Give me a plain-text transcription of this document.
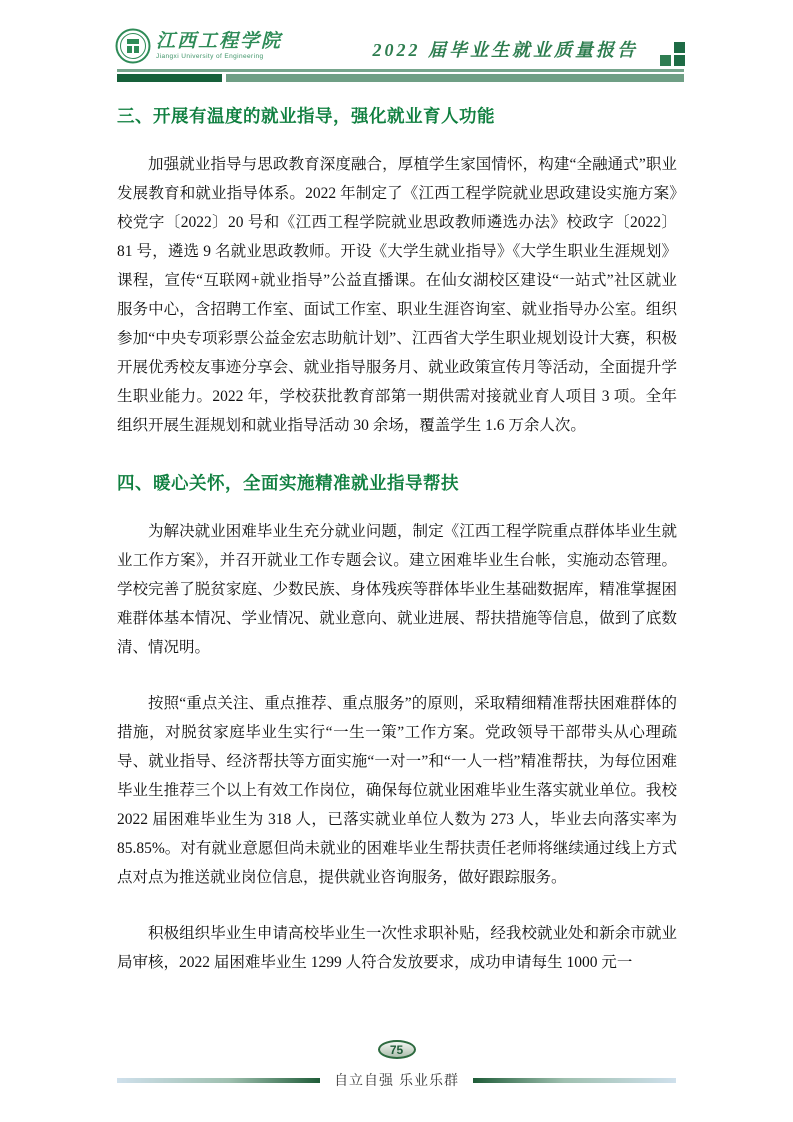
江西工程学院
Jiangxi University of Engineering	2022 届毕业生就业质量报告
三、开展有温度的就业指导，强化就业育人功能

加强就业指导与思政教育深度融合，厚植学生家国情怀，构建“全融通式”职业发展教育和就业指导体系。2022 年制定了《江西工程学院就业思政建设实施方案》校党字〔2022〕20 号和《江西工程学院就业思政教师遴选办法》校政字〔2022〕81 号，遴选 9 名就业思政教师。开设《大学生就业指导》《大学生职业生涯规划》课程，宣传“互联网+就业指导”公益直播课。在仙女湖校区建设“一站式”社区就业服务中心，含招聘工作室、面试工作室、职业生涯咨询室、就业指导办公室。组织参加“中央专项彩票公益金宏志助航计划”、江西省大学生职业规划设计大赛，积极开展优秀校友事迹分享会、就业指导服务月、就业政策宣传月等活动，全面提升学生职业能力。2022 年，学校获批教育部第一期供需对接就业育人项目 3 项。全年组织开展生涯规划和就业指导活动 30 余场，覆盖学生 1.6 万余人次。

四、暖心关怀，全面实施精准就业指导帮扶

为解决就业困难毕业生充分就业问题，制定《江西工程学院重点群体毕业生就业工作方案》，并召开就业工作专题会议。建立困难毕业生台帐，实施动态管理。学校完善了脱贫家庭、少数民族、身体残疾等群体毕业生基础数据库，精准掌握困难群体基本情况、学业情况、就业意向、就业进展、帮扶措施等信息，做到了底数清、情况明。

按照“重点关注、重点推荐、重点服务”的原则，采取精细精准帮扶困难群体的措施，对脱贫家庭毕业生实行“一生一策”工作方案。党政领导干部带头从心理疏导、就业指导、经济帮扶等方面实施“一对一”和“一人一档”精准帮扶，为每位困难毕业生推荐三个以上有效工作岗位，确保每位就业困难毕业生落实就业单位。我校 2022 届困难毕业生为 318 人，已落实就业单位人数为 273 人，毕业去向落实率为 85.85%。对有就业意愿但尚未就业的困难毕业生帮扶责任老师将继续通过线上方式点对点为推送就业岗位信息，提供就业咨询服务，做好跟踪服务。

积极组织毕业生申请高校毕业生一次性求职补贴，经我校就业处和新余市就业局审核，2022 届困难毕业生 1299 人符合发放要求，成功申请每生 1000 元一

75
自立自强 乐业乐群
